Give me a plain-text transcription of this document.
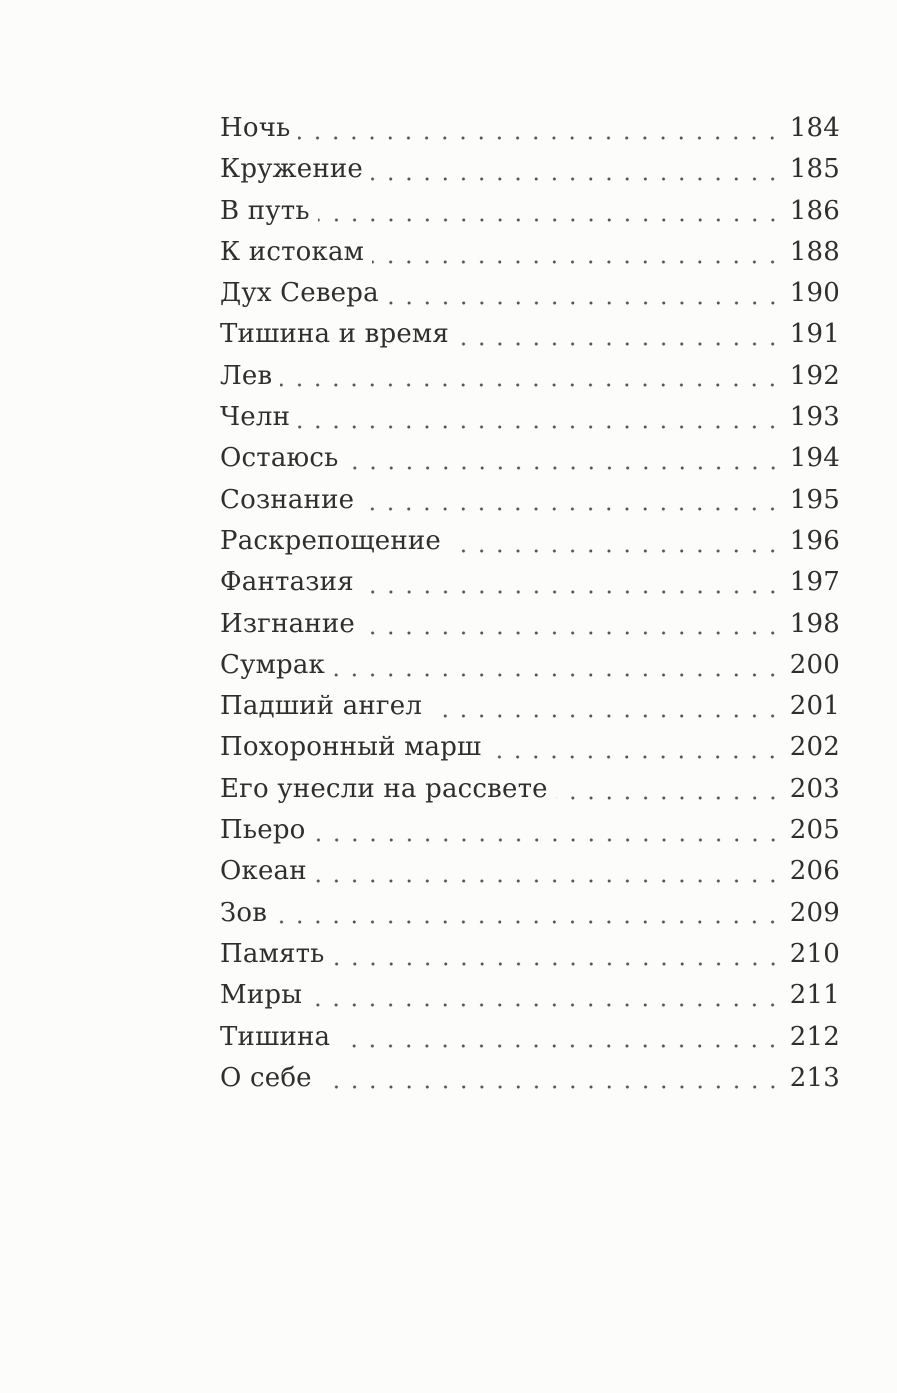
Ночь	184
Кружение	185
В путь	186
К истокам	188
Дух Севера	190
Тишина и время	191
Лев	192
Челн	193
Остаюсь	194
Сознание	195
Раскрепощение	196
Фантазия	197
Изгнание	198
Сумрак	200
Падший ангел	201
Похоронный марш	202
Его унесли на рассвете	203
Пьеро	205
Океан	206
Зов	209
Память	210
Миры	211
Тишина	212
О себе	213
